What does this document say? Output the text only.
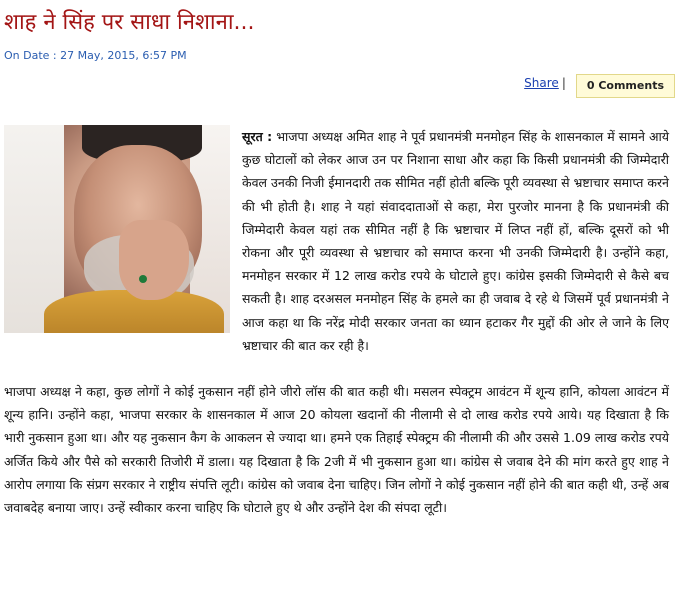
शाह ने सिंह पर साधा निशाना...
On Date : 27 May, 2015, 6:57 PM
Share |	0 Comments

सूरत : भाजपा अध्यक्ष अमित शाह ने पूर्व प्रधानमंत्री मनमोहन सिंह के शासनकाल में सामने आये कुछ घोटालों को लेकर आज उन पर निशाना साधा और कहा कि किसी प्रधानमंत्री की जिम्मेदारी केवल उनकी निजी ईमानदारी तक सीमित नहीं होती बल्कि पूरी व्यवस्था से भ्रष्टाचार समाप्त करने की भी होती है। शाह ने यहां संवाददाताओं से कहा, मेरा पुरजोर मानना है कि प्रधानमंत्री की जिम्मेदारी केवल यहां तक सीमित नहीं है कि भ्रष्टाचार में लिप्त नहीं हों, बल्कि दूसरों को भी रोकना और पूरी व्यवस्था से भ्रष्टाचार को समाप्त करना भी उनकी जिम्मेदारी है। उन्होंने कहा, मनमोहन सरकार में 12 लाख करोड रपये के घोटाले हुए। कांग्रेस इसकी जिम्मेदारी से कैसे बच सकती है। शाह दरअसल मनमोहन सिंह के हमले का ही जवाब दे रहे थे जिसमें पूर्व प्रधानमंत्री ने आज कहा था कि नरेंद्र मोदी सरकार जनता का ध्यान हटाकर गैर मुद्दों की ओर ले जाने के लिए भ्रष्टाचार की बात कर रही है।

भाजपा अध्यक्ष ने कहा, कुछ लोगों ने कोई नुकसान नहीं होने जीरो लॉस की बात कही थी। मसलन स्पेक्ट्रम आवंटन में शून्य हानि, कोयला आवंटन में शून्य हानि। उन्होंने कहा, भाजपा सरकार के शासनकाल में आज 20 कोयला खदानों की नीलामी से दो लाख करोड रपये आये। यह दिखाता है कि भारी नुकसान हुआ था। और यह नुकसान कैग के आकलन से ज्यादा था। हमने एक तिहाई स्पेक्ट्रम की नीलामी की और उससे 1.09 लाख करोड रपये अर्जित किये और पैसे को सरकारी तिजोरी में डाला। यह दिखाता है कि 2जी में भी नुकसान हुआ था। कांग्रेस से जवाब देने की मांग करते हुए शाह ने आरोप लगाया कि संप्रग सरकार ने राष्ट्रीय संपत्ति लूटी। कांग्रेस को जवाब देना चाहिए। जिन लोगों ने कोई नुकसान नहीं होने की बात कही थी, उन्हें अब जवाबदेह बनाया जाए। उन्हें स्वीकार करना चाहिए कि घोटाले हुए थे और उन्होंने देश की संपदा लूटी।
